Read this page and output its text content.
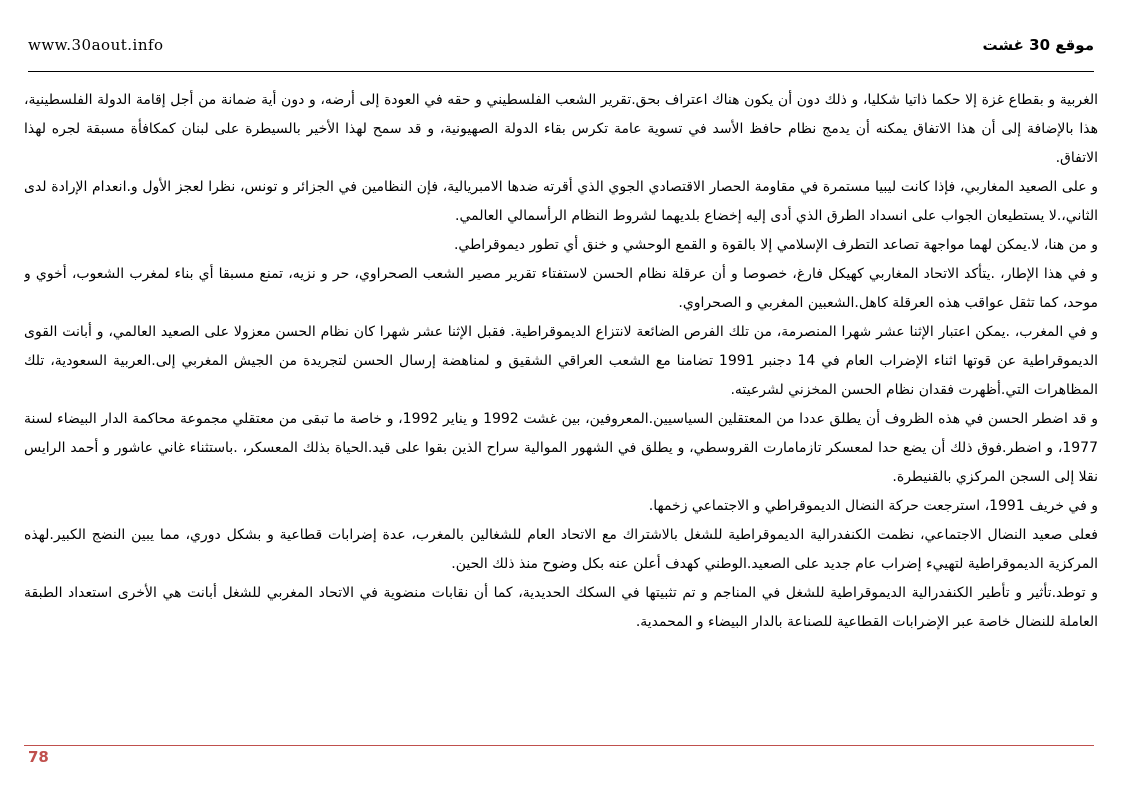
www.30aout.info	موقع 30 غشت

الغربية و بقطاع غزة إلا حكما ذاتيا شكليا، و ذلك دون أن يكون هناك اعتراف بحق.تقرير الشعب الفلسطيني و حقه في العودة إلى أرضه، و دون أية ضمانة من أجل إقامة الدولة الفلسطينية، هذا بالإضافة إلى أن هذا الاتفاق يمكنه أن يدمج نظام حافظ الأسد في تسوية عامة تكرس بقاء الدولة الصهيونية، و قد سمح لهذا الأخير بالسيطرة على لبنان كمكافأة مسبقة لجره لهذا الاتفاق.

و على الصعيد المغاربي، فإذا كانت ليبيا مستمرة في مقاومة الحصار الاقتصادي الجوي الذي أقرته ضدها الامبريالية، فإن النظامين في الجزائر و تونس، نظرا لعجز الأول و.انعدام الإرادة لدى الثاني،.لا يستطيعان الجواب على انسداد الطرق الذي أدى إليه إخضاع بلديهما لشروط النظام الرأسمالي العالمي.

و من هنا، لا.يمكن لهما مواجهة تصاعد التطرف الإسلامي إلا بالقوة و القمع الوحشي و خنق أي تطور ديموقراطي.

و في هذا الإطار، .يتأكد الاتحاد المغاربي كهيكل فارغ، خصوصا و أن عرقلة نظام الحسن لاستفتاء تقرير مصير الشعب الصحراوي، حر و نزيه، تمنع مسبقا أي بناء لمغرب الشعوب، أخوي و موحد، كما تثقل عواقب هذه العرقلة كاهل.الشعبين المغربي و الصحراوي.

و في المغرب، .يمكن اعتبار الإثنا عشر شهرا المنصرمة، من تلك الفرص الضائعة لانتزاع الديموقراطية. فقبل الإثنا عشر شهرا كان نظام الحسن معزولا على الصعيد العالمي، و أبانت القوى الديموقراطية عن قوتها اثناء الإضراب العام في 14 دجنبر 1991 تضامنا مع الشعب العراقي الشقيق و لمناهضة إرسال الحسن لتجريدة من الجيش المغربي إلى.العربية السعودية، تلك المظاهرات التي.أظهرت فقدان نظام الحسن المخزني لشرعيته.

و قد اضطر الحسن في هذه الظروف أن يطلق عددا من المعتقلين السياسيين.المعروفين، بين غشت 1992 و يناير 1992، و خاصة ما تبقى من معتقلي مجموعة محاكمة الدار البيضاء لسنة 1977، و اضطر.فوق ذلك أن يضع حدا لمعسكر تازمامارت القروسطي، و يطلق في الشهور الموالية سراح الذين بقوا على قيد.الحياة بذلك المعسكر، .باستثناء غاني عاشور و أحمد الرايس نقلا إلى السجن المركزي بالقنيطرة.

و في خريف 1991، استرجعت حركة النضال الديموقراطي و الاجتماعي زخمها.

فعلى صعيد النضال الاجتماعي، نظمت الكنفدرالية الديموقراطية للشغل بالاشتراك مع الاتحاد العام للشغالين بالمغرب، عدة إضرابات قطاعية و بشكل دوري، مما يبين النضج الكبير.لهذه المركزية الديموقراطية لتهييء إضراب عام جديد على الصعيد.الوطني كهدف أعلن عنه بكل وضوح منذ ذلك الحين.

و توطد.تأثير و تأطير الكنفدرالية الديموقراطية للشغل في المناجم و تم تثبيتها في السكك الحديدية، كما أن نقابات منضوية في الاتحاد المغربي للشغل أبانت هي الأخرى استعداد الطبقة العاملة للنضال خاصة عبر الإضرابات القطاعية للصناعة بالدار البيضاء و المحمدية.

78
